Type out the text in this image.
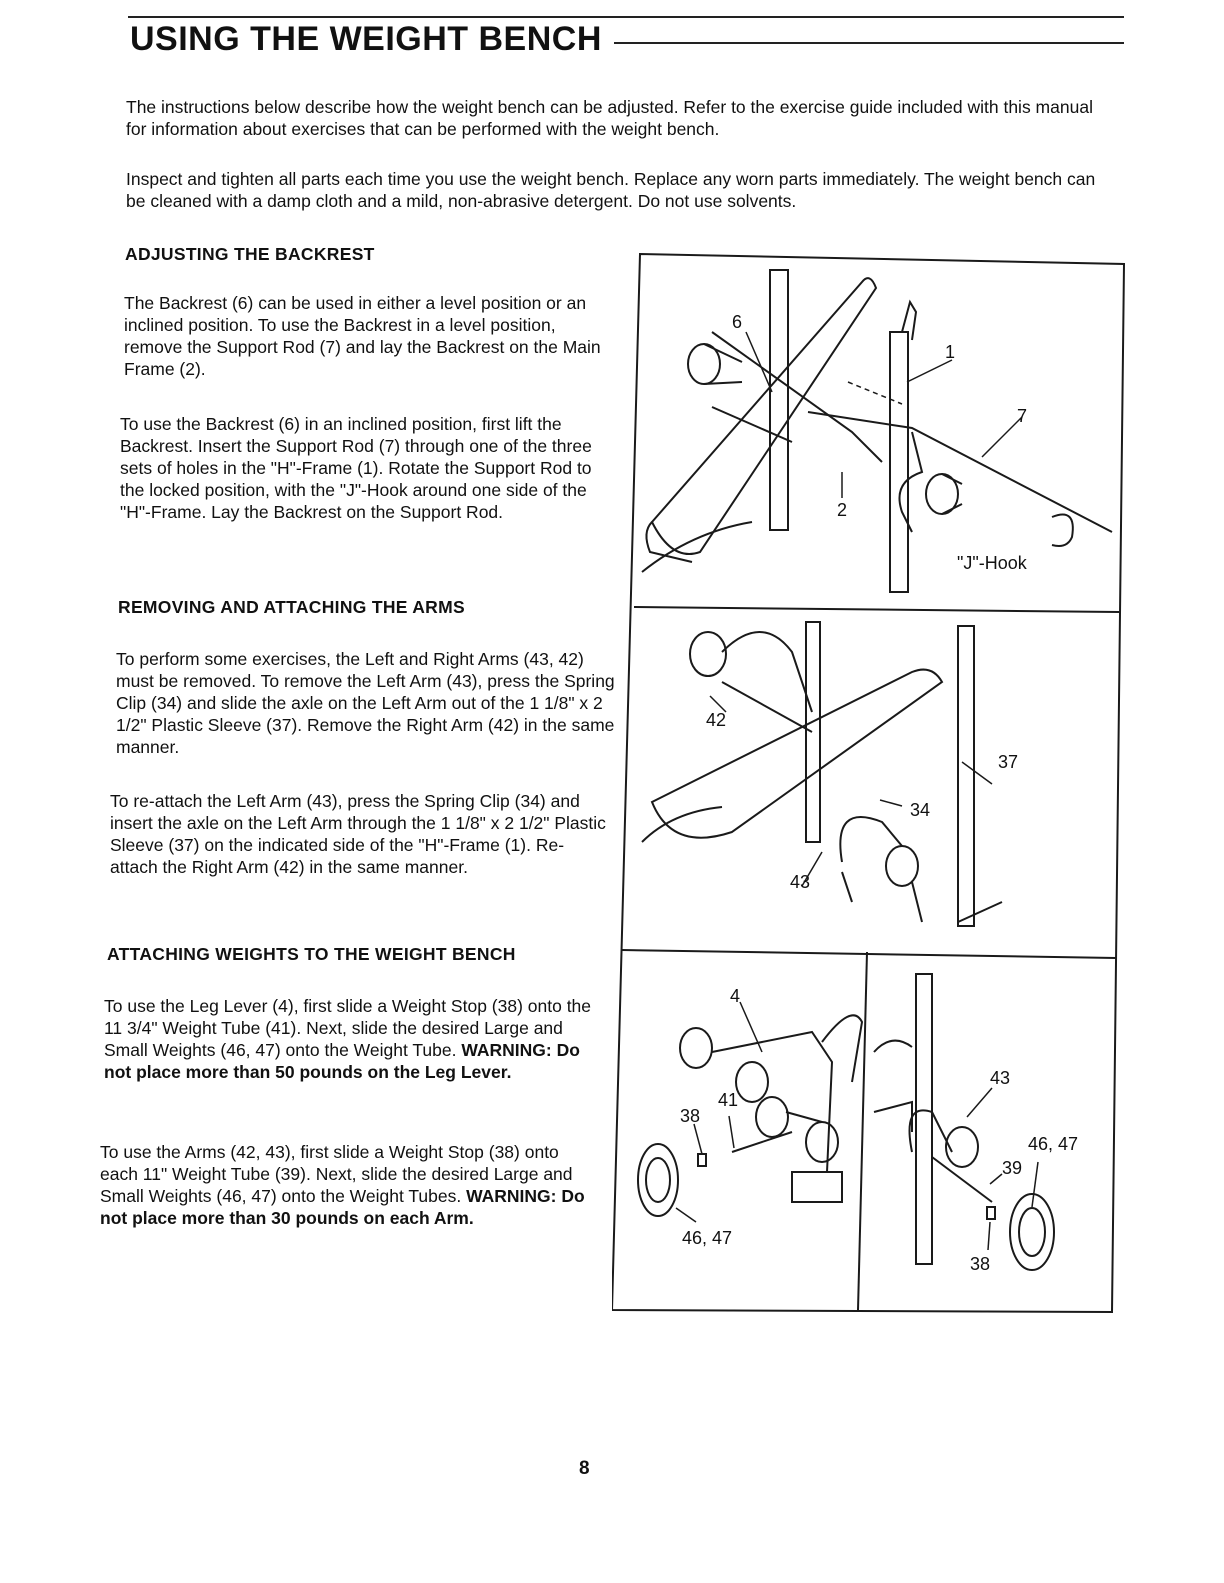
USING THE WEIGHT BENCH

The instructions below describe how the weight bench can be adjusted. Refer to the exercise guide included with this manual for information about exercises that can be performed with the weight bench.

Inspect and tighten all parts each time you use the weight bench. Replace any worn parts immediately. The weight bench can be cleaned with a damp cloth and a mild, non-abrasive detergent. Do not use solvents.

ADJUSTING THE BACKREST

The Backrest (6) can be used in either a level position or an inclined position. To use the Backrest in a level position, remove the Support Rod (7) and lay the Backrest on the Main Frame (2).

To use the Backrest (6) in an inclined position, first lift the Backrest. Insert the Support Rod (7) through one of the three sets of holes in the "H"-Frame (1). Rotate the Support Rod to the locked position, with the "J"-Hook around one side of the "H"-Frame. Lay the Backrest on the Support Rod.

REMOVING AND ATTACHING THE ARMS

To perform some exercises, the Left and Right Arms (43, 42) must be removed. To remove the Left Arm (43), press the Spring Clip (34) and slide the axle on the Left Arm out of the 1 1/8" x 2 1/2" Plastic Sleeve (37). Remove the Right Arm (42) in the same manner.

To re-attach the Left Arm (43), press the Spring Clip (34) and insert the axle on the Left Arm through the 1 1/8" x 2 1/2" Plastic Sleeve (37) on the indicated side of the "H"-Frame (1). Re-attach the Right Arm (42) in the same manner.

ATTACHING WEIGHTS TO THE WEIGHT BENCH

To use the Leg Lever (4), first slide a Weight Stop (38) onto the 11 3/4" Weight Tube (41). Next, slide the desired Large and Small Weights (46, 47) onto the Weight Tube. WARNING: Do not place more than 50 pounds on the Leg Lever.

To use the Arms (42, 43), first slide a Weight Stop (38) onto each 11" Weight Tube (39). Next, slide the desired Large and Small Weights (46, 47) onto the Weight Tubes. WARNING: Do not place more than 30 pounds on each Arm.

6
1
7
2
"J"-Hook
42
37
34
43
4
41
38
46, 47
43
46, 47
39
38
8
